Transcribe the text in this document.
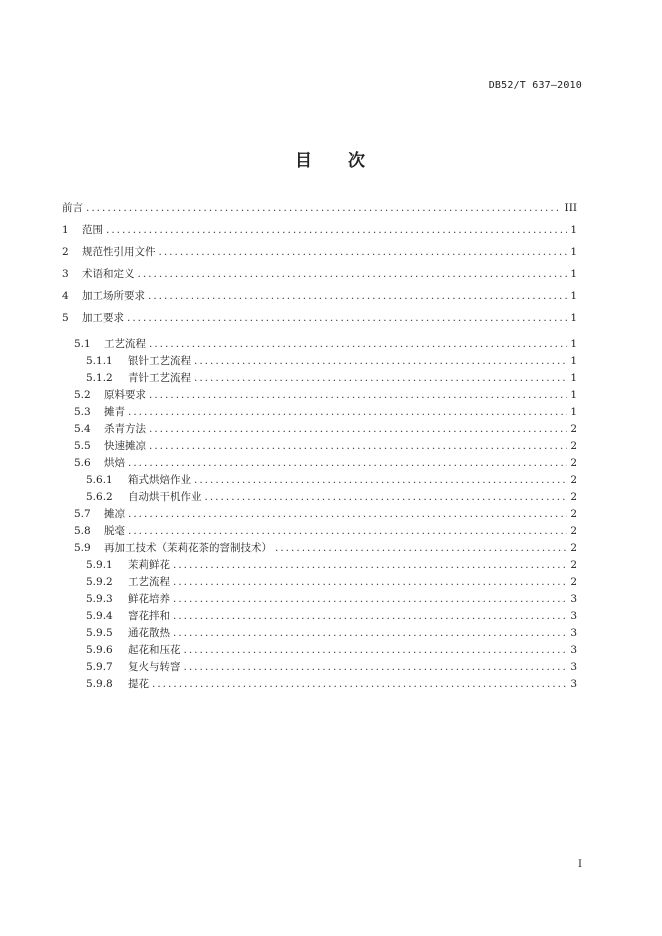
DB52/T 637—2010
目 次
前言 .....	III
1	范围 .....	1
2	规范性引用文件 .....	1
3	术语和定义 .....	1
4	加工场所要求 .....	1
5	加工要求 .....	1
5.1	工艺流程 .....	1
5.1.1	银针工艺流程 .....	1
5.1.2	青针工艺流程 .....	1
5.2	原料要求 .....	1
5.3	摊青 .....	1
5.4	杀青方法 .....	2
5.5	快速摊凉 .....	2
5.6	烘焙 .....	2
5.6.1	箱式烘焙作业 .....	2
5.6.2	自动烘干机作业 .....	2
5.7	摊凉 .....	2
5.8	脱毫 .....	2
5.9	再加工技术（茉莉花茶的窨制技术） .....	2
5.9.1	茉莉鲜花 .....	2
5.9.2	工艺流程 .....	2
5.9.3	鲜花培养 .....	3
5.9.4	窨花拌和 .....	3
5.9.5	通花散热 .....	3
5.9.6	起花和压花 .....	3
5.9.7	复火与转窨 .....	3
5.9.8	提花 .....	3
I
